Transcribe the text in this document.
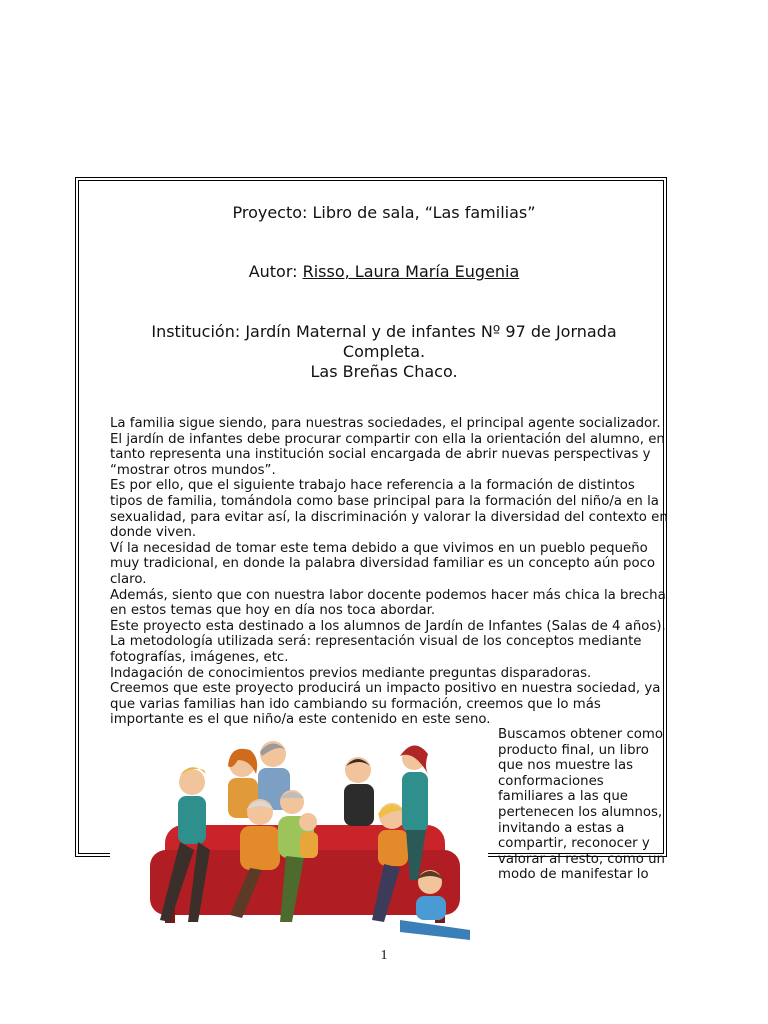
Proyecto: Libro de sala, “Las familias”
Autor: Risso, Laura María Eugenia
Institución: Jardín Maternal y de infantes Nº 97 de Jornada
Completa.
Las Breñas Chaco.

La familia sigue siendo, para nuestras sociedades, el principal agente socializador. El jardín de infantes debe procurar compartir con ella la orientación del alumno, en tanto representa una institución social encargada de abrir nuevas perspectivas y “mostrar otros mundos”.

Es por ello, que el siguiente trabajo hace referencia a la formación de distintos tipos de familia, tomándola como base principal para la formación del niño/a en la sexualidad, para evitar así, la discriminación y valorar la diversidad del contexto en donde viven.

Ví la necesidad de tomar este tema debido a que vivimos en un pueblo pequeño muy tradicional, en donde la palabra diversidad familiar es un concepto aún poco claro.

Además, siento que con nuestra labor docente podemos hacer más chica la brecha en estos temas que hoy en día nos toca abordar.

Este proyecto esta destinado a los alumnos de Jardín de Infantes (Salas de 4 años). La metodología utilizada será: representación visual de los conceptos mediante fotografías, imágenes, etc.

Indagación de conocimientos previos mediante preguntas disparadoras.

Creemos que este proyecto producirá un impacto positivo en nuestra sociedad, ya que varias familias han ido cambiando su formación, creemos que lo más importante es el que niño/a este contenido en este seno.

Buscamos obtener como producto final, un libro que nos muestre las conformaciones familiares a las que pertenecen los alumnos, invitando a estas a compartir, reconocer y valorar al resto, como un modo de manifestar lo
1
